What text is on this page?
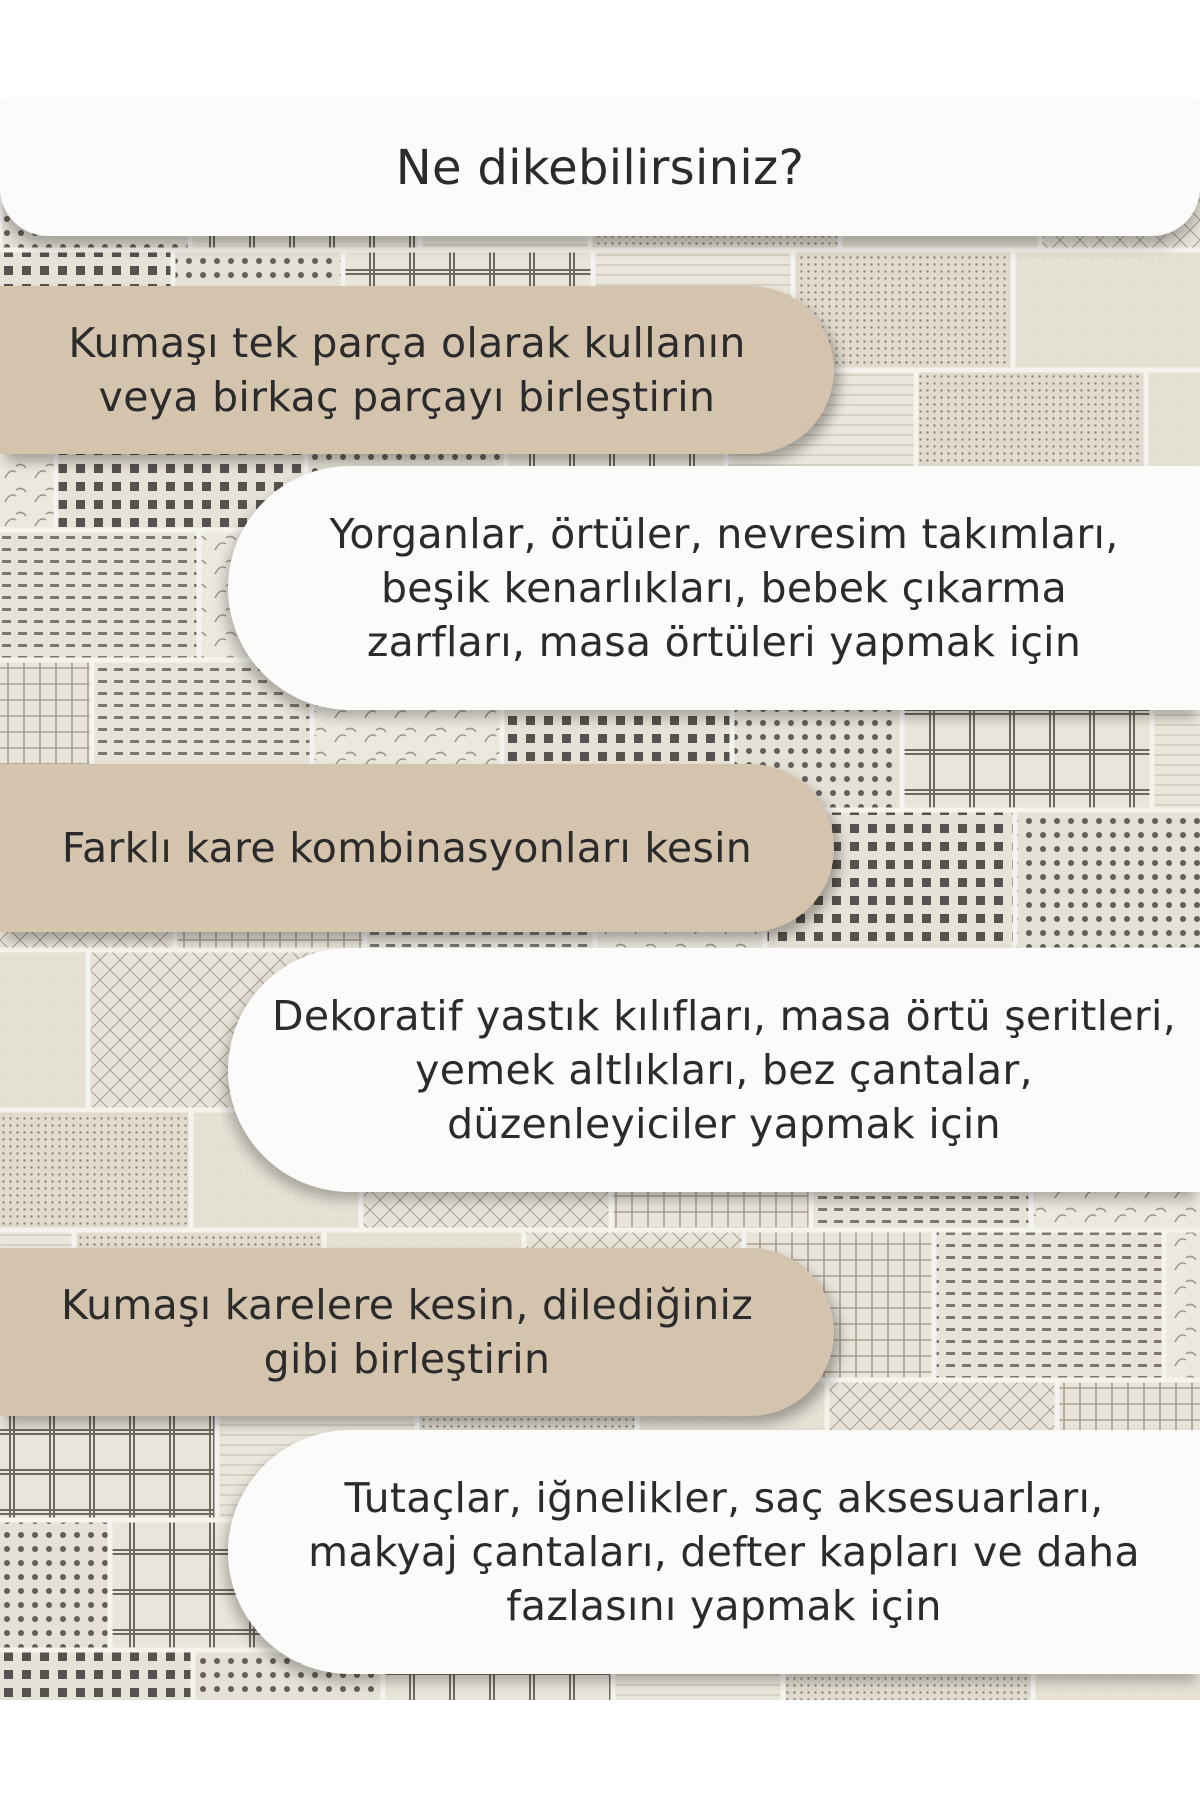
Ne dikebilirsiniz?
Kumaşı tek parça olarak kullanın
veya birkaç parçayı birleştirin
Yorganlar, örtüler, nevresim takımları,
beşik kenarlıkları, bebek çıkarma
zarfları, masa örtüleri yapmak için
Farklı kare kombinasyonları kesin
Dekoratif yastık kılıfları, masa örtü şeritleri,
yemek altlıkları, bez çantalar,
düzenleyiciler yapmak için
Kumaşı karelere kesin, dilediğiniz
gibi birleştirin
Tutaçlar, iğnelikler, saç aksesuarları,
makyaj çantaları, defter kapları ve daha
fazlasını yapmak için
